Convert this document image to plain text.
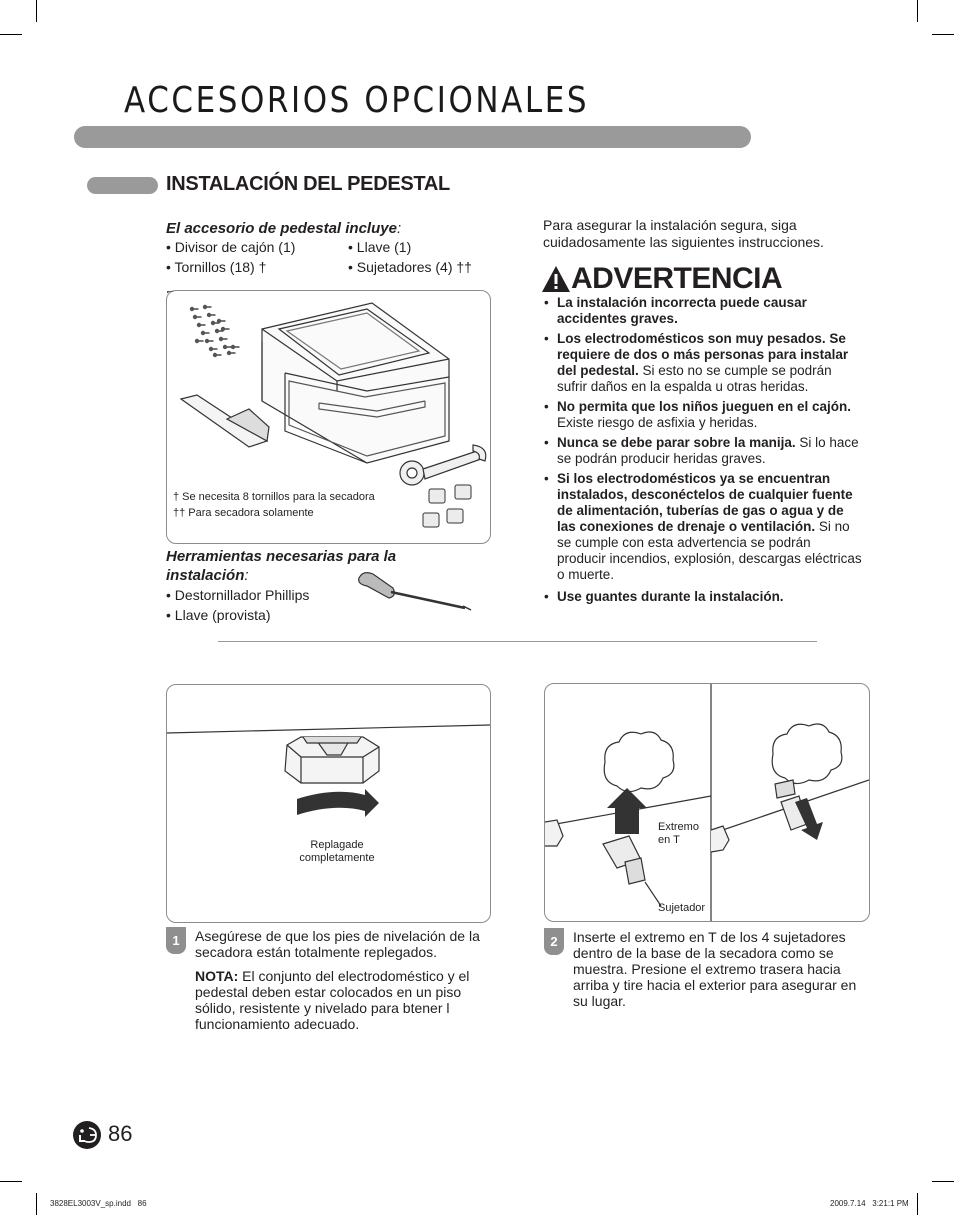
ACCESORIOS OPCIONALES
INSTALACIÓN DEL PEDESTAL
El accesorio de pedestal incluye:
• Divisor de cajón (1)
• Tornillos (18) †
• Llave (1)
• Sujetadores (4) ††
† Se necesita 8 tornillos para la secadora
†† Para secadora solamente
Herramientas necesarias para la
instalación:
• Destornillador Phillips
• Llave (provista)
Para asegurar la instalación segura, siga cuidadosamente las siguientes instrucciones.
ADVERTENCIA
• La instalación incorrecta puede causar accidentes graves.
• Los electrodomésticos son muy pesados. Se requiere de dos o más personas para instalar del pedestal. Si esto no se cumple se podrán sufrir daños en la espalda u otras heridas.
• No permita que los niños jueguen en el cajón. Existe riesgo de asfixia y heridas.
• Nunca se debe parar sobre la manija. Si lo hace se podrán producir heridas graves.
• Si los electrodomésticos ya se encuentran instalados, desconéctelos de cualquier fuente de alimentación, tuberías de gas o agua y de las conexiones de drenaje o ventilación. Si no se cumple con esta advertencia se podrán producir incendios, explosión, descargas eléctricas o muerte.
• Use guantes durante la instalación.
Replagade completamente
1	Asegúrese de que los pies de nivelación de la secadora están totalmente replegados.
NOTA: El conjunto del electrodoméstico y el pedestal deben estar colocados en un piso sólido, resistente y nivelado para btener l funcionamiento adecuado.
Extremo en T
Sujetador
2	Inserte el extremo en T de los 4 sujetadores dentro de la base de la secadora como se muestra. Presione el extremo trasera hacia arriba y tire hacia el exterior para asegurar en su lugar.
86
3828EL3003V_sp.indd   86	2009.7.14   3:21:1 PM
